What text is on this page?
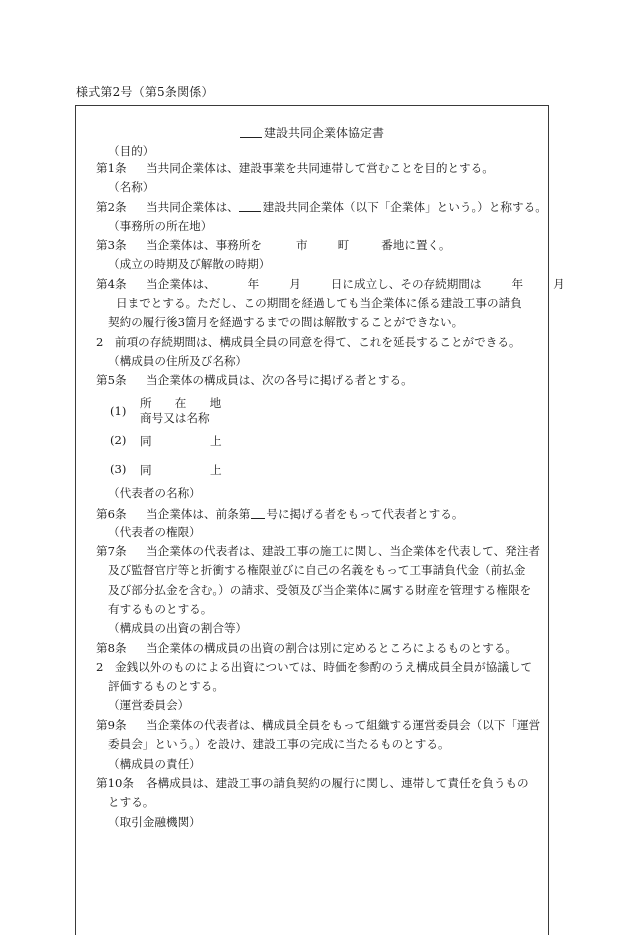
様式第2号（第5条関係）
建設共同企業体協定書
（目的）
第1条 当共同企業体は、建設事業を共同連帯して営むことを目的とする。
（名称）
第2条 当共同企業体は、 建設共同企業体（以下「企業体」という。）と称する。
（事務所の所在地）
第3条 当企業体は、事務所を	市	町	番地に置く。
（成立の時期及び解散の時期）
第4条 当企業体は、	年	月	日に成立し、その存続期間は	年	月
日までとする。ただし、この期間を経過しても当企業体に係る建設工事の請負
契約の履行後3箇月を経過するまでの間は解散することができない。
2　前項の存続期間は、構成員全員の同意を得て、これを延長することができる。
（構成員の住所及び名称）
第5条 当企業体の構成員は、次の各号に掲げる者とする。
(1)
所　　在　　地
商号又は名称
(2) 同	上
(3) 同	上
（代表者の名称）
第6条 当企業体は、前条第 号に掲げる者をもって代表者とする。
（代表者の権限）
第7条 当企業体の代表者は、建設工事の施工に関し、当企業体を代表して、発注者
及び監督官庁等と折衝する権限並びに自己の名義をもって工事請負代金（前払金
及び部分払金を含む。）の請求、受領及び当企業体に属する財産を管理する権限を
有するものとする。
（構成員の出資の割合等）
第8条 当企業体の構成員の出資の割合は別に定めるところによるものとする。
2　金銭以外のものによる出資については、時価を参酌のうえ構成員全員が協議して
評価するものとする。
（運営委員会）
第9条 当企業体の代表者は、構成員全員をもって組織する運営委員会（以下「運営
委員会」という。）を設け、建設工事の完成に当たるものとする。
（構成員の責任）
第10条 各構成員は、建設工事の請負契約の履行に関し、連帯して責任を負うもの
とする。
（取引金融機関）
